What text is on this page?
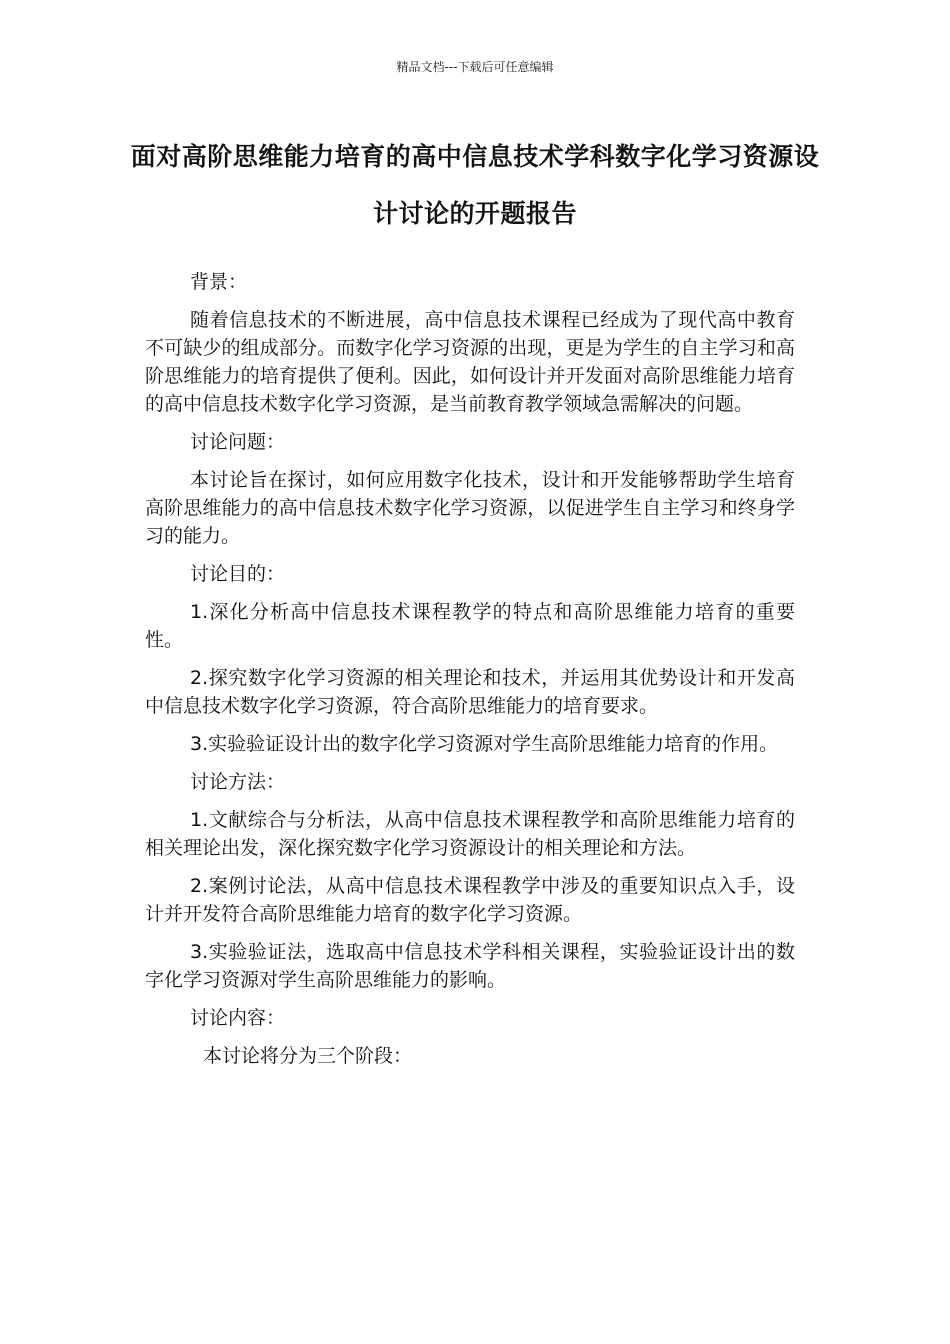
精品文档---下载后可任意编辑
面对高阶思维能力培育的高中信息技术学科数字化学习资源设计讨论的开题报告

背景：

随着信息技术的不断进展，高中信息技术课程已经成为了现代高中教育不可缺少的组成部分。而数字化学习资源的出现，更是为学生的自主学习和高阶思维能力的培育提供了便利。因此，如何设计并开发面对高阶思维能力培育的高中信息技术数字化学习资源，是当前教育教学领域急需解决的问题。

讨论问题：

本讨论旨在探讨，如何应用数字化技术，设计和开发能够帮助学生培育高阶思维能力的高中信息技术数字化学习资源，以促进学生自主学习和终身学习的能力。

讨论目的：

1.深化分析高中信息技术课程教学的特点和高阶思维能力培育的重要性。

2.探究数字化学习资源的相关理论和技术，并运用其优势设计和开发高中信息技术数字化学习资源，符合高阶思维能力的培育要求。

3.实验验证设计出的数字化学习资源对学生高阶思维能力培育的作用。

讨论方法：

1.文献综合与分析法，从高中信息技术课程教学和高阶思维能力培育的相关理论出发，深化探究数字化学习资源设计的相关理论和方法。

2.案例讨论法，从高中信息技术课程教学中涉及的重要知识点入手，设计并开发符合高阶思维能力培育的数字化学习资源。

3.实验验证法，选取高中信息技术学科相关课程，实验验证设计出的数字化学习资源对学生高阶思维能力的影响。

讨论内容：

本讨论将分为三个阶段：
